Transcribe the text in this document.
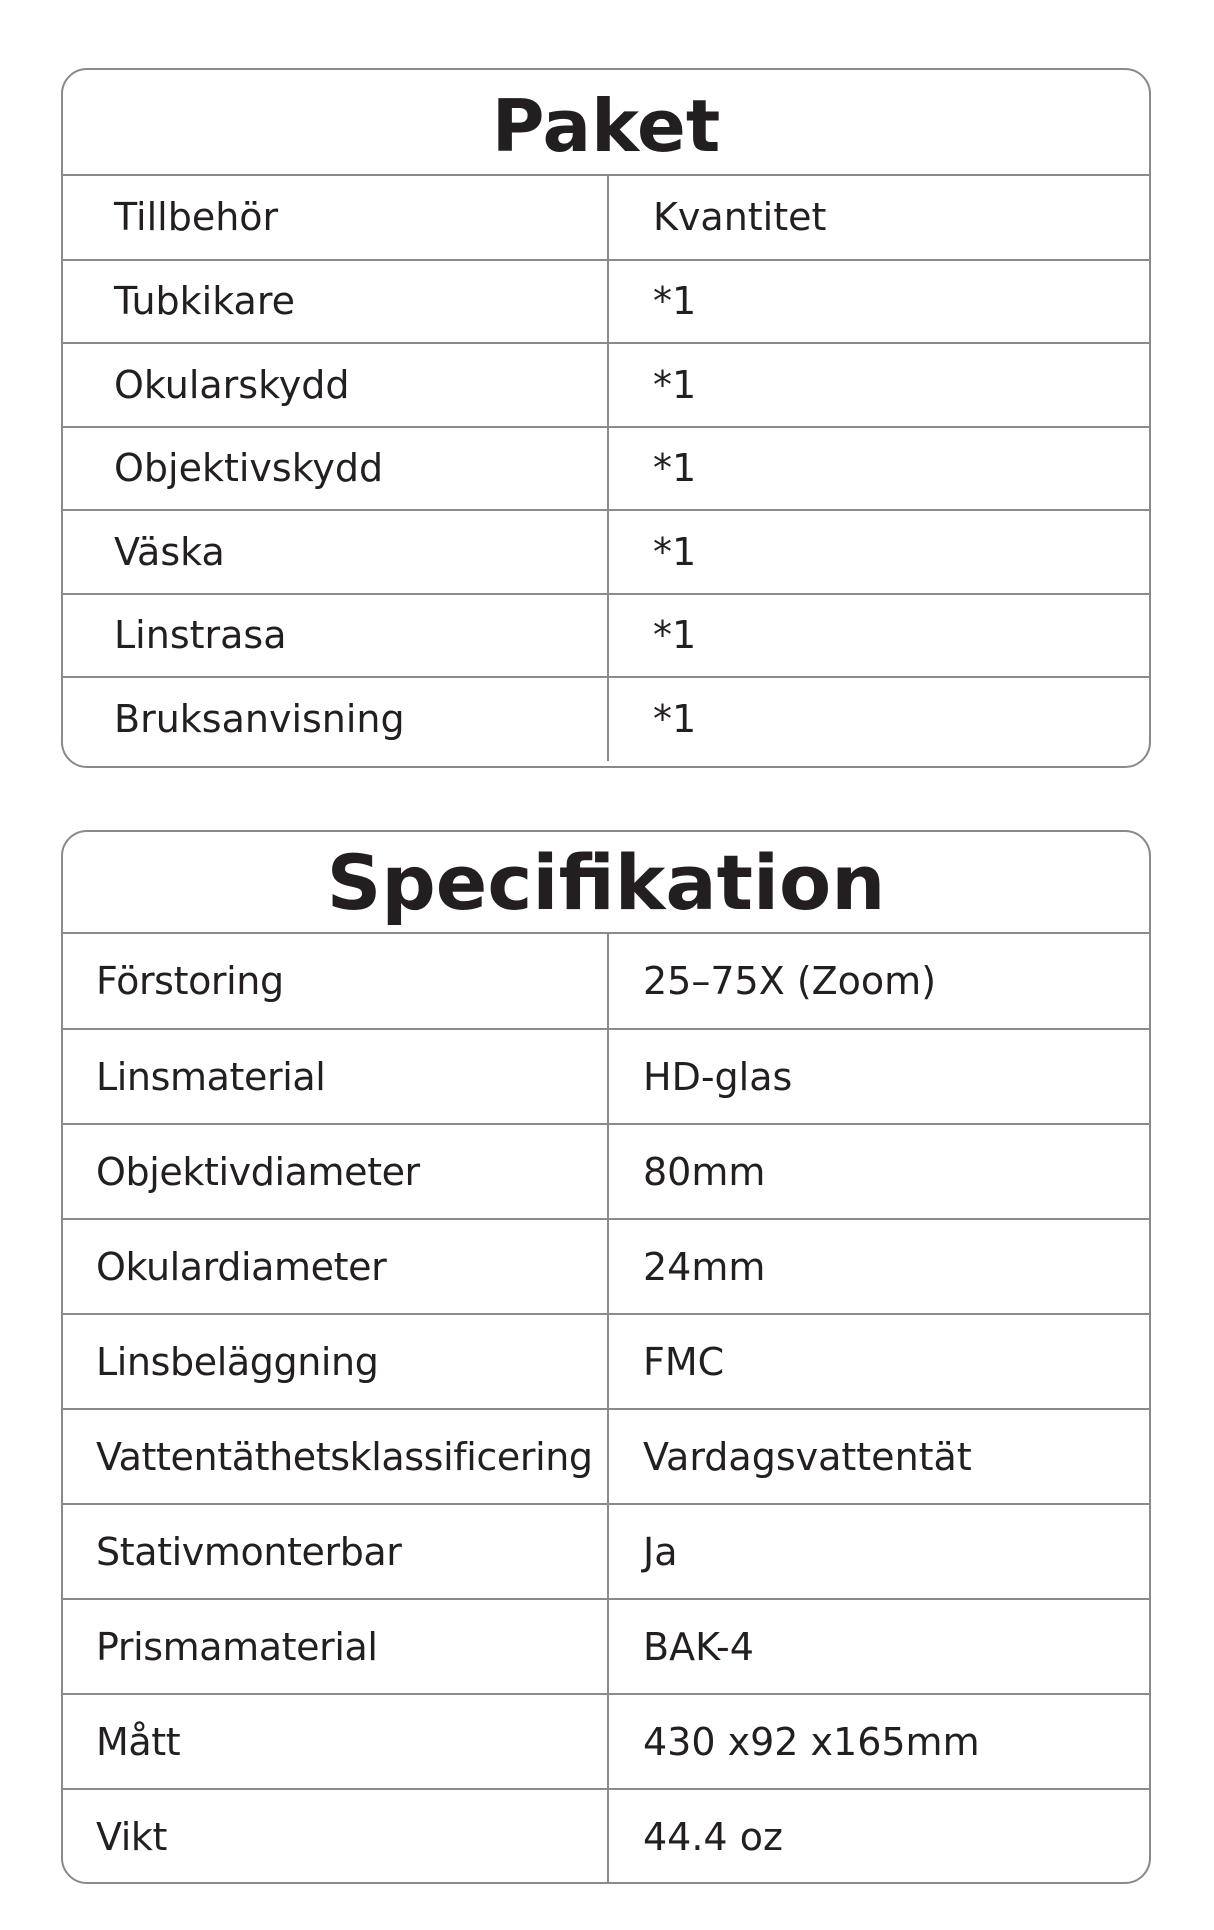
Paket
Tillbehör	Kvantitet
Tubkikare	*1
Okularskydd	*1
Objektivskydd	*1
Väska	*1
Linstrasa	*1
Bruksanvisning	*1
Specifikation
Förstoring	25–75X (Zoom)
Linsmaterial	HD-glas
Objektivdiameter	80mm
Okulardiameter	24mm
Linsbeläggning	FMC
Vattentäthetsklassificering	Vardagsvattentät
Stativmonterbar	Ja
Prismamaterial	BAK-4
Mått	430 x92 x165mm
Vikt	44.4 oz
